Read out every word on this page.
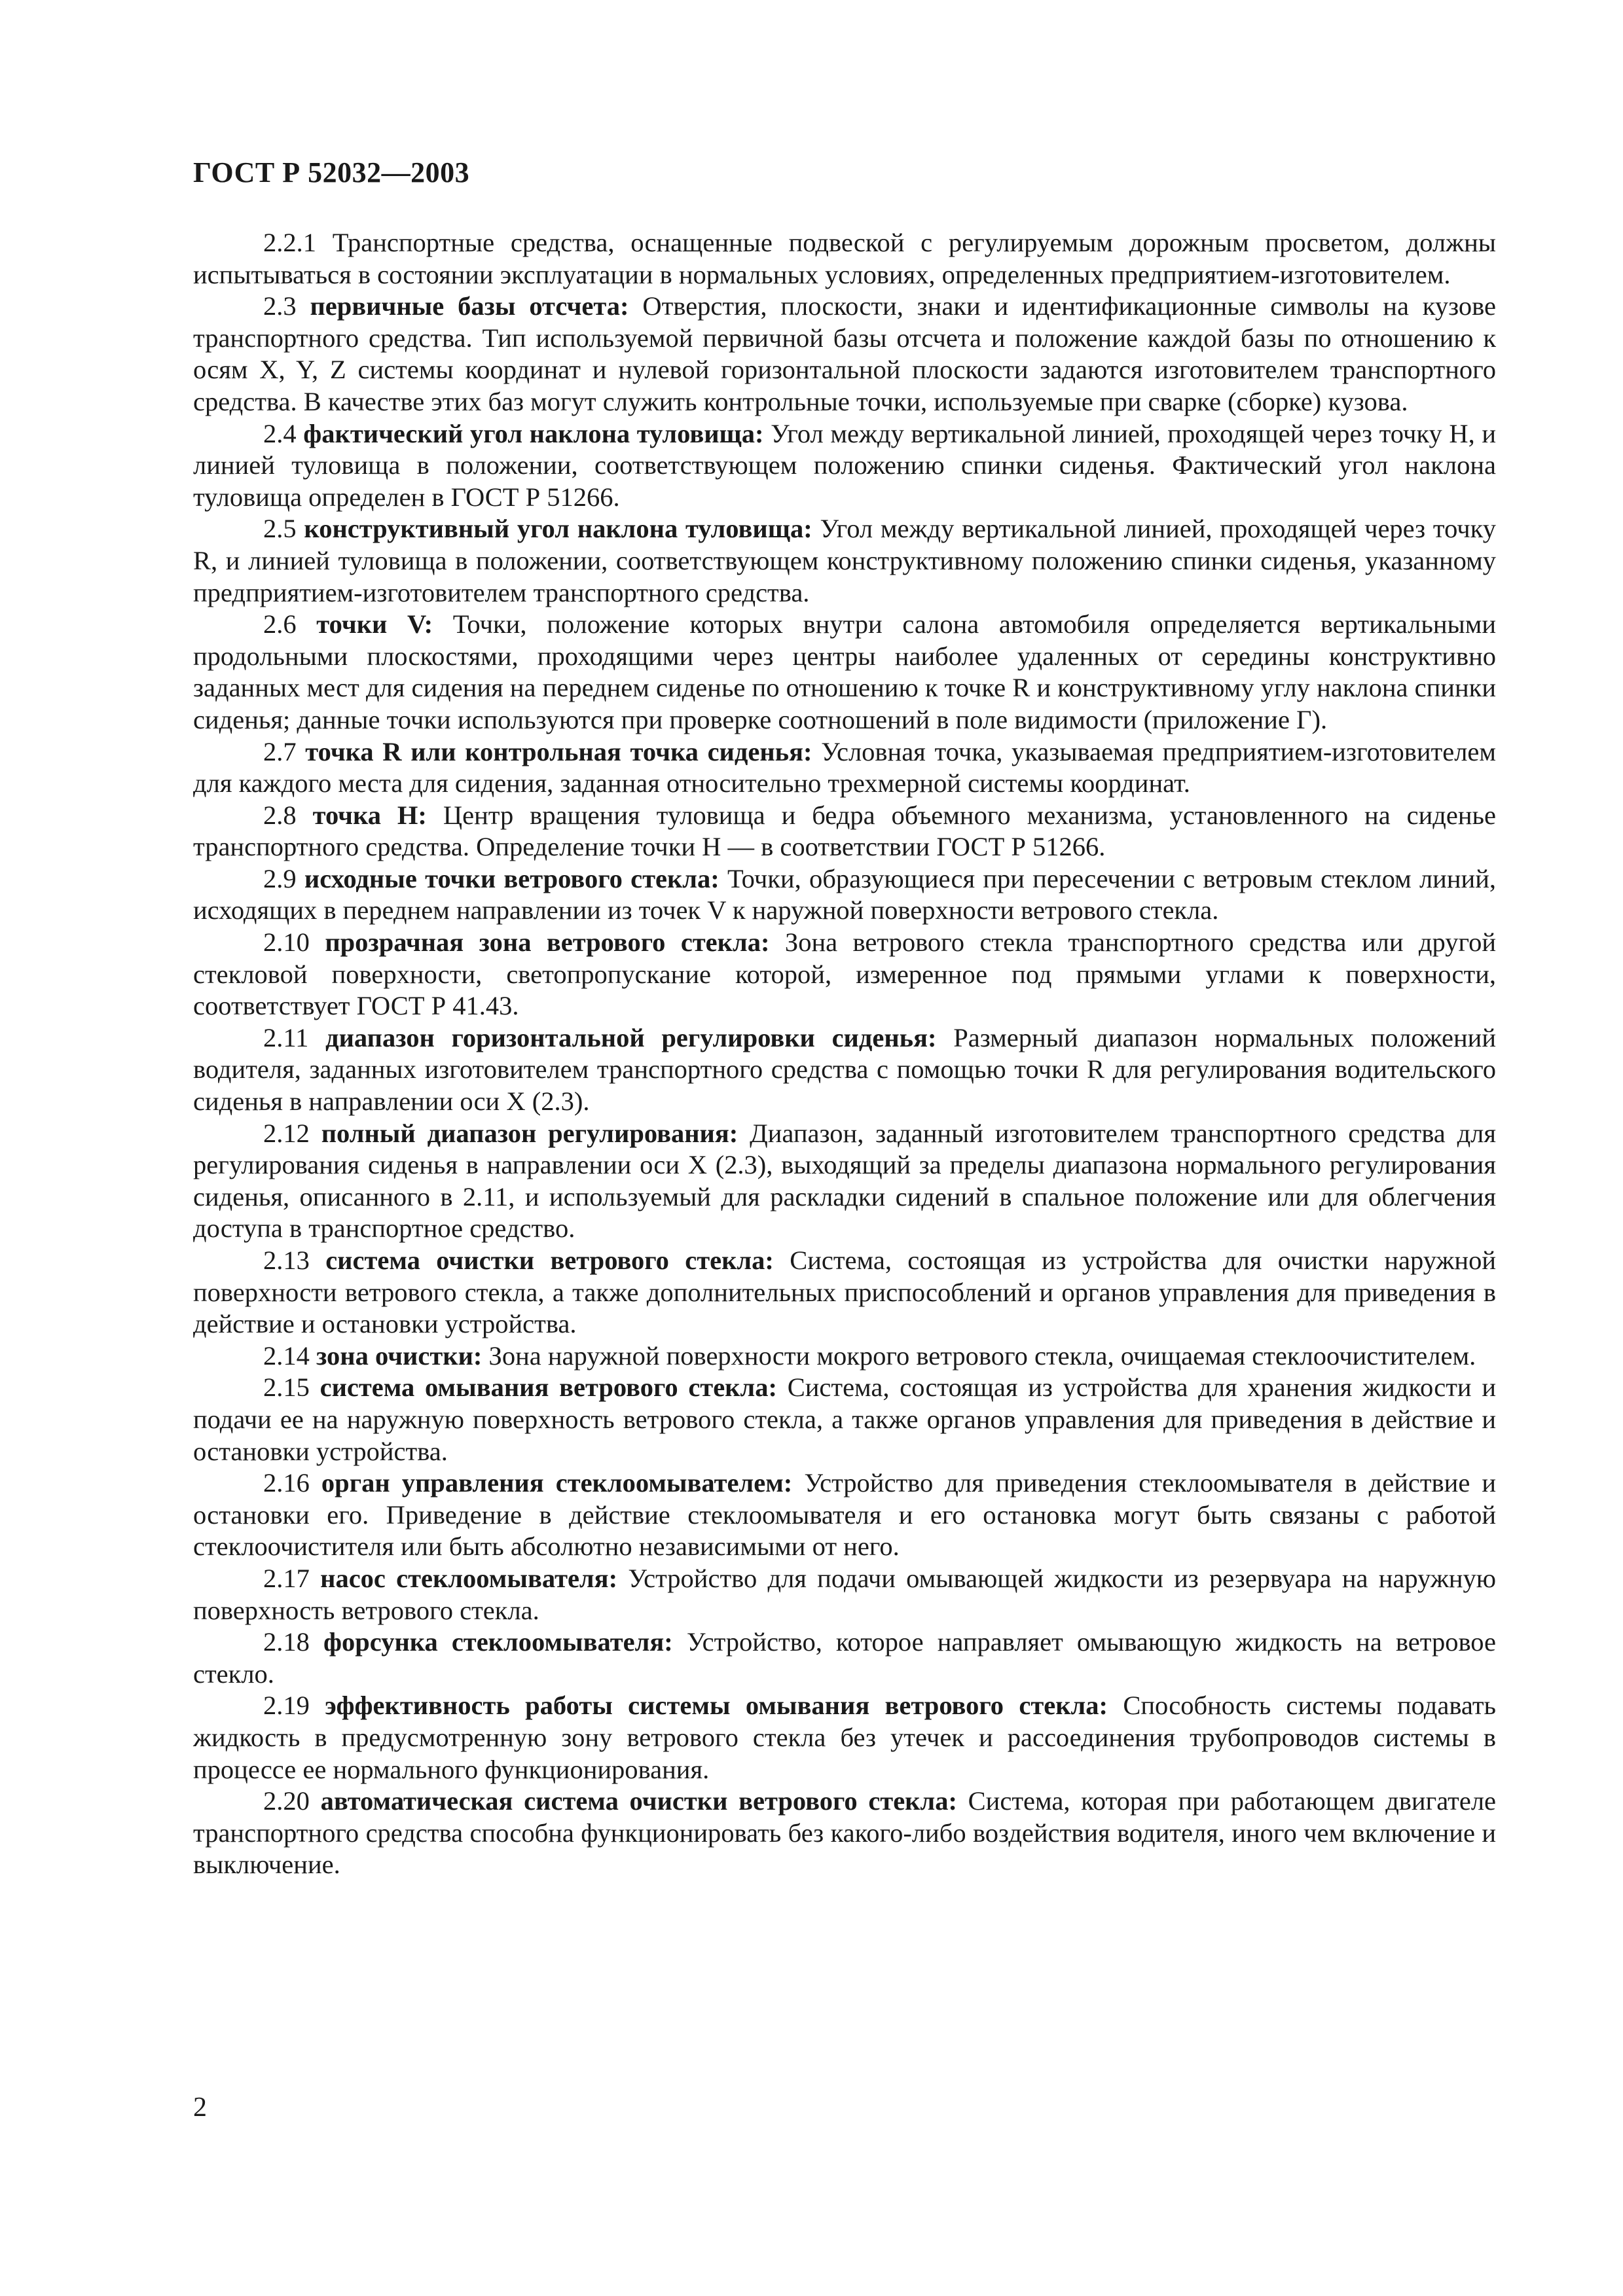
ГОСТ Р 52032—2003

2.2.1 Транспортные средства, оснащенные подвеской с регулируемым дорожным просветом, должны испытываться в состоянии эксплуатации в нормальных условиях, определенных предприятием-изготовителем.

2.3 первичные базы отсчета: Отверстия, плоскости, знаки и идентификационные символы на кузове транспортного средства. Тип используемой первичной базы отсчета и положение каждой базы по отношению к осям X, Y, Z системы координат и нулевой горизонтальной плоскости задаются изготовителем транспортного средства. В качестве этих баз могут служить контрольные точки, используемые при сварке (сборке) кузова.

2.4 фактический угол наклона туловища: Угол между вертикальной линией, проходящей через точку H, и линией туловища в положении, соответствующем положению спинки сиденья. Фактический угол наклона туловища определен в ГОСТ Р 51266.

2.5 конструктивный угол наклона туловища: Угол между вертикальной линией, проходящей через точку R, и линией туловища в положении, соответствующем конструктивному положению спинки сиденья, указанному предприятием-изготовителем транспортного средства.

2.6 точки V: Точки, положение которых внутри салона автомобиля определяется вертикальными продольными плоскостями, проходящими через центры наиболее удаленных от середины конструктивно заданных мест для сидения на переднем сиденье по отношению к точке R и конструктивному углу наклона спинки сиденья; данные точки используются при проверке соотношений в поле видимости (приложение Г).

2.7 точка R или контрольная точка сиденья: Условная точка, указываемая предприятием-изготовителем для каждого места для сидения, заданная относительно трехмерной системы координат.

2.8 точка H: Центр вращения туловища и бедра объемного механизма, установленного на сиденье транспортного средства. Определение точки H — в соответствии ГОСТ Р 51266.

2.9 исходные точки ветрового стекла: Точки, образующиеся при пересечении с ветровым стеклом линий, исходящих в переднем направлении из точек V к наружной поверхности ветрового стекла.

2.10 прозрачная зона ветрового стекла: Зона ветрового стекла транспортного средства или другой стекловой поверхности, светопропускание которой, измеренное под прямыми углами к поверхности, соответствует ГОСТ Р 41.43.

2.11 диапазон горизонтальной регулировки сиденья: Размерный диапазон нормальных положений водителя, заданных изготовителем транспортного средства с помощью точки R для регулирования водительского сиденья в направлении оси X (2.3).

2.12 полный диапазон регулирования: Диапазон, заданный изготовителем транспортного средства для регулирования сиденья в направлении оси X (2.3), выходящий за пределы диапазона нормального регулирования сиденья, описанного в 2.11, и используемый для раскладки сидений в спальное положение или для облегчения доступа в транспортное средство.

2.13 система очистки ветрового стекла: Система, состоящая из устройства для очистки наружной поверхности ветрового стекла, а также дополнительных приспособлений и органов управления для приведения в действие и остановки устройства.

2.14 зона очистки: Зона наружной поверхности мокрого ветрового стекла, очищаемая стеклоочистителем.

2.15 система омывания ветрового стекла: Система, состоящая из устройства для хранения жидкости и подачи ее на наружную поверхность ветрового стекла, а также органов управления для приведения в действие и остановки устройства.

2.16 орган управления стеклоомывателем: Устройство для приведения стеклоомывателя в действие и остановки его. Приведение в действие стеклоомывателя и его остановка могут быть связаны с работой стеклоочистителя или быть абсолютно независимыми от него.

2.17 насос стеклоомывателя: Устройство для подачи омывающей жидкости из резервуара на наружную поверхность ветрового стекла.

2.18 форсунка стеклоомывателя: Устройство, которое направляет омывающую жидкость на ветровое стекло.

2.19 эффективность работы системы омывания ветрового стекла: Способность системы подавать жидкость в предусмотренную зону ветрового стекла без утечек и рассоединения трубопроводов системы в процессе ее нормального функционирования.

2.20 автоматическая система очистки ветрового стекла: Система, которая при работающем двигателе транспортного средства способна функционировать без какого-либо воздействия водителя, иного чем включение и выключение.

2
